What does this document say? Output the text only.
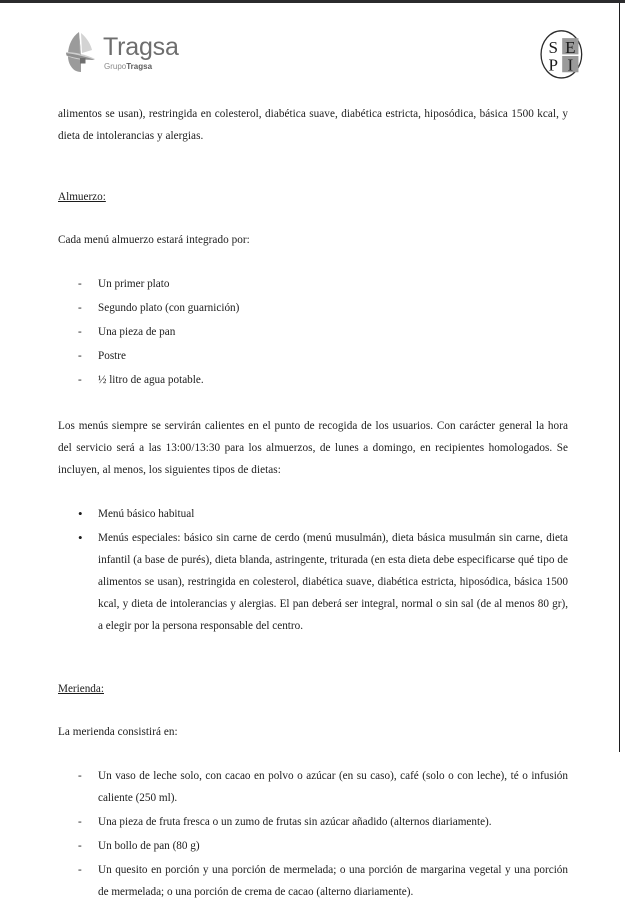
Tragsa
GrupoTragsa
S E
P I

alimentos se usan), restringida en colesterol, diabética suave, diabética estricta, hiposódica, básica 1500 kcal, y dieta de intolerancias y alergias.

Almuerzo:

Cada menú almuerzo estará integrado por:

- Un primer plato
- Segundo plato (con guarnición)
- Una pieza de pan
- Postre
- ½ litro de agua potable.

Los menús siempre se servirán calientes en el punto de recogida de los usuarios. Con carácter general la hora del servicio será a las 13:00/13:30 para los almuerzos, de lunes a domingo, en recipientes homologados. Se incluyen, al menos, los siguientes tipos de dietas:

• Menú básico habitual
• Menús especiales: básico sin carne de cerdo (menú musulmán), dieta básica musulmán sin carne, dieta infantil (a base de purés), dieta blanda, astringente, triturada (en esta dieta debe especificarse qué tipo de alimentos se usan), restringida en colesterol, diabética suave, diabética estricta, hiposódica, básica 1500 kcal, y dieta de intolerancias y alergias. El pan deberá ser integral, normal o sin sal (de al menos 80 gr), a elegir por la persona responsable del centro.

Merienda:

La merienda consistirá en:

- Un vaso de leche solo, con cacao en polvo o azúcar (en su caso), café (solo o con leche), té o infusión caliente (250 ml).
- Una pieza de fruta fresca o un zumo de frutas sin azúcar añadido (alternos diariamente).
- Un bollo de pan (80 g)
- Un quesito en porción y una porción de mermelada; o una porción de margarina vegetal y una porción de mermelada; o una porción de crema de cacao (alterno diariamente).
